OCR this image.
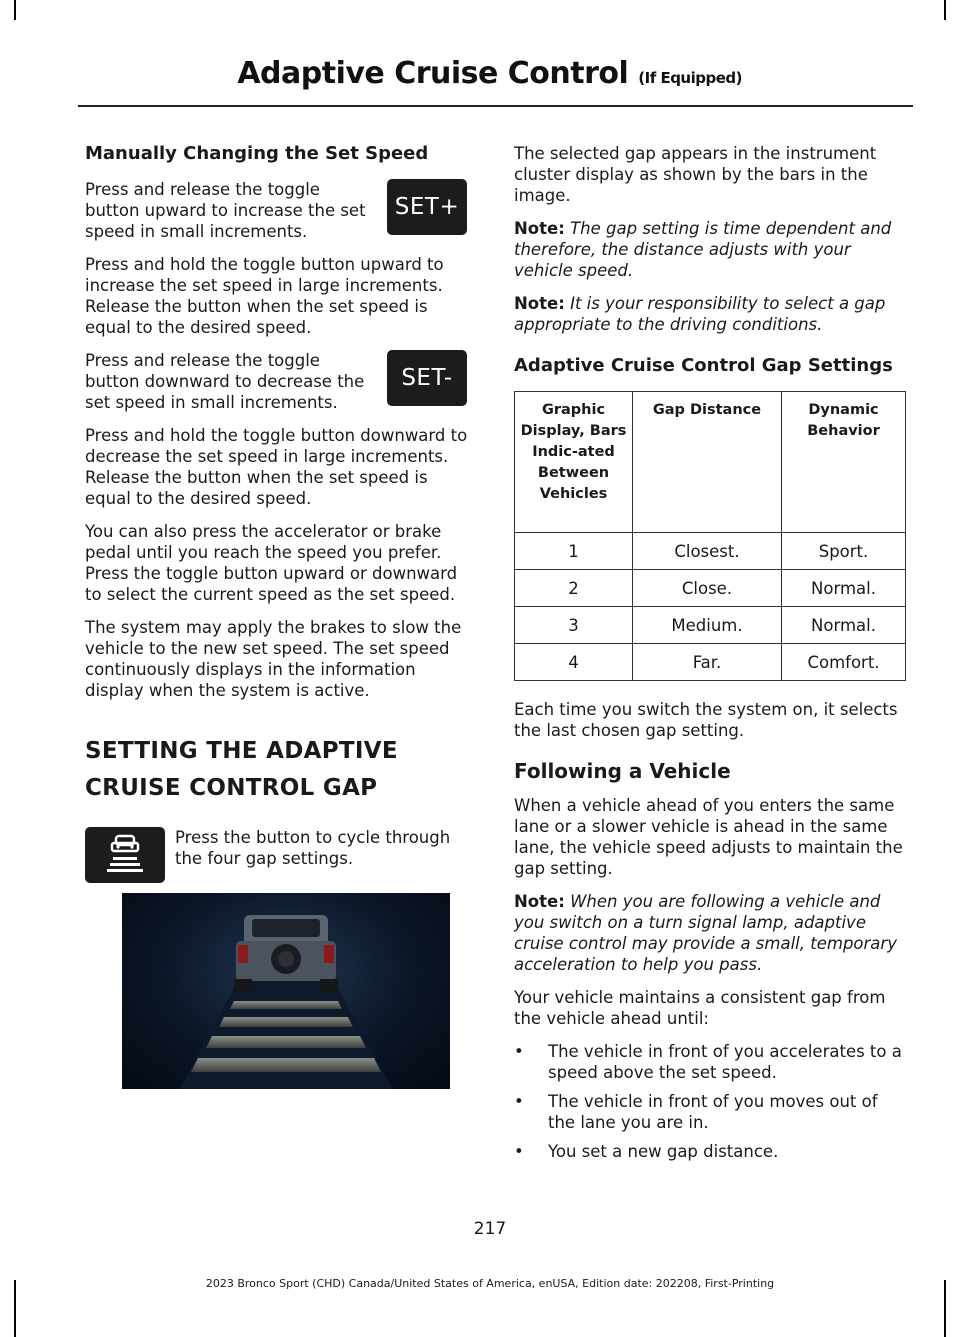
Adaptive Cruise Control (If Equipped)
Manually Changing the Set Speed
SET+

Press and release the toggle button upward to increase the set speed in small increments.

Press and hold the toggle button upward to increase the set speed in large increments. Release the button when the set speed is equal to the desired speed.

SET-

Press and release the toggle button downward to decrease the set speed in small increments.

Press and hold the toggle button downward to decrease the set speed in large increments. Release the button when the set speed is equal to the desired speed.

You can also press the accelerator or brake pedal until you reach the speed you prefer. Press the toggle button upward or downward to select the current speed as the set speed.

The system may apply the brakes to slow the vehicle to the new set speed. The set speed continuously displays in the information display when the system is active.

SETTING THE ADAPTIVE
CRUISE CONTROL GAP

Press the button to cycle through the four gap settings.

The selected gap appears in the instrument cluster display as shown by the bars in the image.

Note: The gap setting is time dependent and therefore, the distance adjusts with your vehicle speed.

Note: It is your responsibility to select a gap appropriate to the driving conditions.

Adaptive Cruise Control Gap Settings
Graphic Display, Bars Indic-ated Between Vehicles	Gap Distance	Dynamic Behavior
1	Closest.	Sport.
2	Close.	Normal.
3	Medium.	Normal.
4	Far.	Comfort.

Each time you switch the system on, it selects the last chosen gap setting.

Following a Vehicle

When a vehicle ahead of you enters the same lane or a slower vehicle is ahead in the same lane, the vehicle speed adjusts to maintain the gap setting.

Note: When you are following a vehicle and you switch on a turn signal lamp, adaptive cruise control may provide a small, temporary acceleration to help you pass.

Your vehicle maintains a consistent gap from the vehicle ahead until:

• The vehicle in front of you accelerates to a speed above the set speed.
• The vehicle in front of you moves out of the lane you are in.
• You set a new gap distance.
217
2023 Bronco Sport (CHD) Canada/United States of America, enUSA, Edition date: 202208, First-Printing
